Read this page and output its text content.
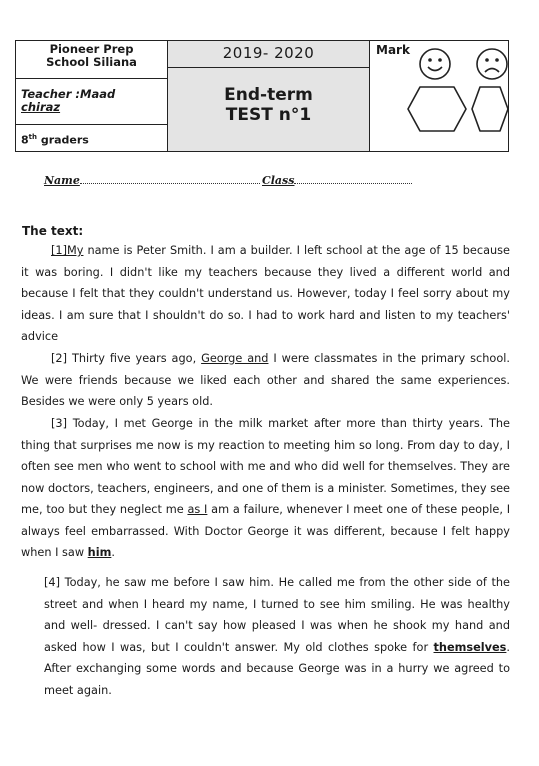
Pioneer Prep
School Siliana
Teacher :Maad
chiraz
8th graders
2019- 2020
End-term
TEST n°1
Mark
Name	Class
The text:
[1]My name is Peter Smith. I am a builder. I left school at the age of 15 because it was boring. I didn't like my teachers because they lived a different world and because I felt that they couldn't understand us. However, today I feel sorry about my ideas. I am sure that I shouldn't do so. I had to work hard and listen to my teachers' advice
[2] Thirty five years ago, George and I were classmates in the primary school. We were friends because we liked each other and shared the same experiences. Besides we were only 5 years old.
[3] Today, I met George in the milk market after more than thirty years. The thing that surprises me now is my reaction to meeting him so long. From day to day, I often see men who went to school with me and who did well for themselves. They are now doctors, teachers, engineers, and one of them is a minister. Sometimes, they see me, too but they neglect me as I am a failure, whenever I meet one of these people, I always feel embarrassed. With Doctor George it was different, because I felt happy when I saw him.
[4] Today, he saw me before I saw him. He called me from the other side of the street and when I heard my name, I turned to see him smiling. He was healthy and well- dressed. I can't say how pleased I was when he shook my hand and asked how I was, but I couldn't answer. My old clothes spoke for themselves. After exchanging some words and because George was in a hurry we agreed to meet again.
